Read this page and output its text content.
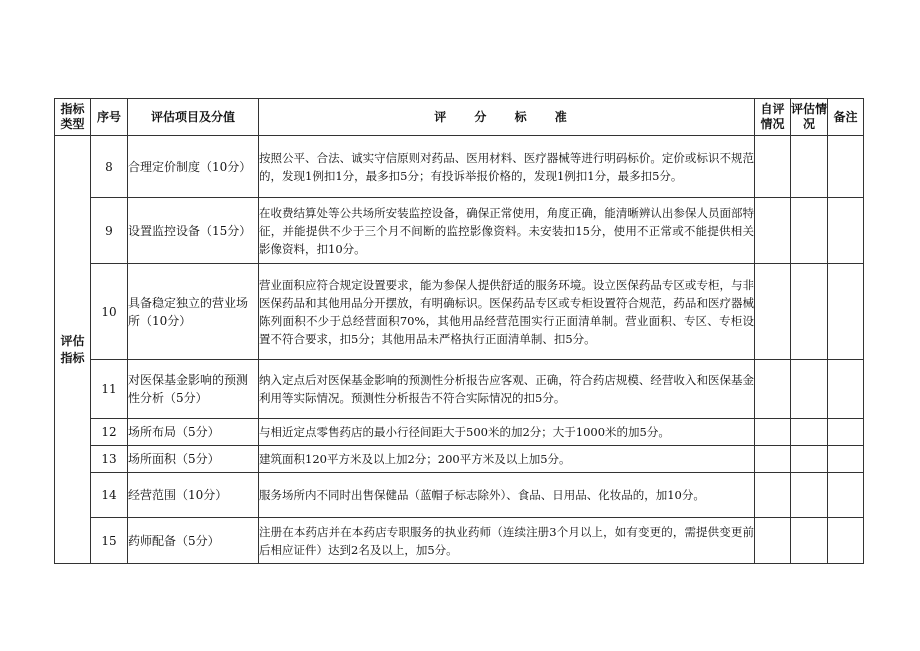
指标类型	序号	评估项目及分值	评 分 标 准	自评情况	评估情况	备注
评估指标	8	合理定价制度（10分）	按照公平、合法、诚实守信原则对药品、医用材料、医疗器械等进行明码标价。定价或标识不规范的，发现1例扣1分，最多扣5分；有投诉举报价格的，发现1例扣1分，最多扣5分。			
	9	设置监控设备（15分）	在收费结算处等公共场所安装监控设备，确保正常使用，角度正确，能清晰辨认出参保人员面部特征，并能提供不少于三个月不间断的监控影像资料。未安装扣15分，使用不正常或不能提供相关影像资料，扣10分。			
	10	具备稳定独立的营业场所（10分）	营业面积应符合规定设置要求，能为参保人提供舒适的服务环境。设立医保药品专区或专柜，与非医保药品和其他用品分开摆放，有明确标识。医保药品专区或专柜设置符合规范，药品和医疗器械陈列面积不少于总经营面积70%，其他用品经营范围实行正面清单制。营业面积、专区、专柜设置不符合要求，扣5分；其他用品未严格执行正面清单制、扣5分。			
	11	对医保基金影响的预测性分析（5分）	纳入定点后对医保基金影响的预测性分析报告应客观、正确，符合药店规模、经营收入和医保基金利用等实际情况。预测性分析报告不符合实际情况的扣5分。			
	12	场所布局（5分）	与相近定点零售药店的最小行径间距大于500米的加2分；大于1000米的加5分。			
	13	场所面积（5分）	建筑面积120平方米及以上加2分；200平方米及以上加5分。			
	14	经营范围（10分）	服务场所内不同时出售保健品（蓝帽子标志除外）、食品、日用品、化妆品的，加10分。			
	15	药师配备（5分）	注册在本药店并在本药店专职服务的执业药师（连续注册3个月以上，如有变更的，需提供变更前后相应证件）达到2名及以上，加5分。			
